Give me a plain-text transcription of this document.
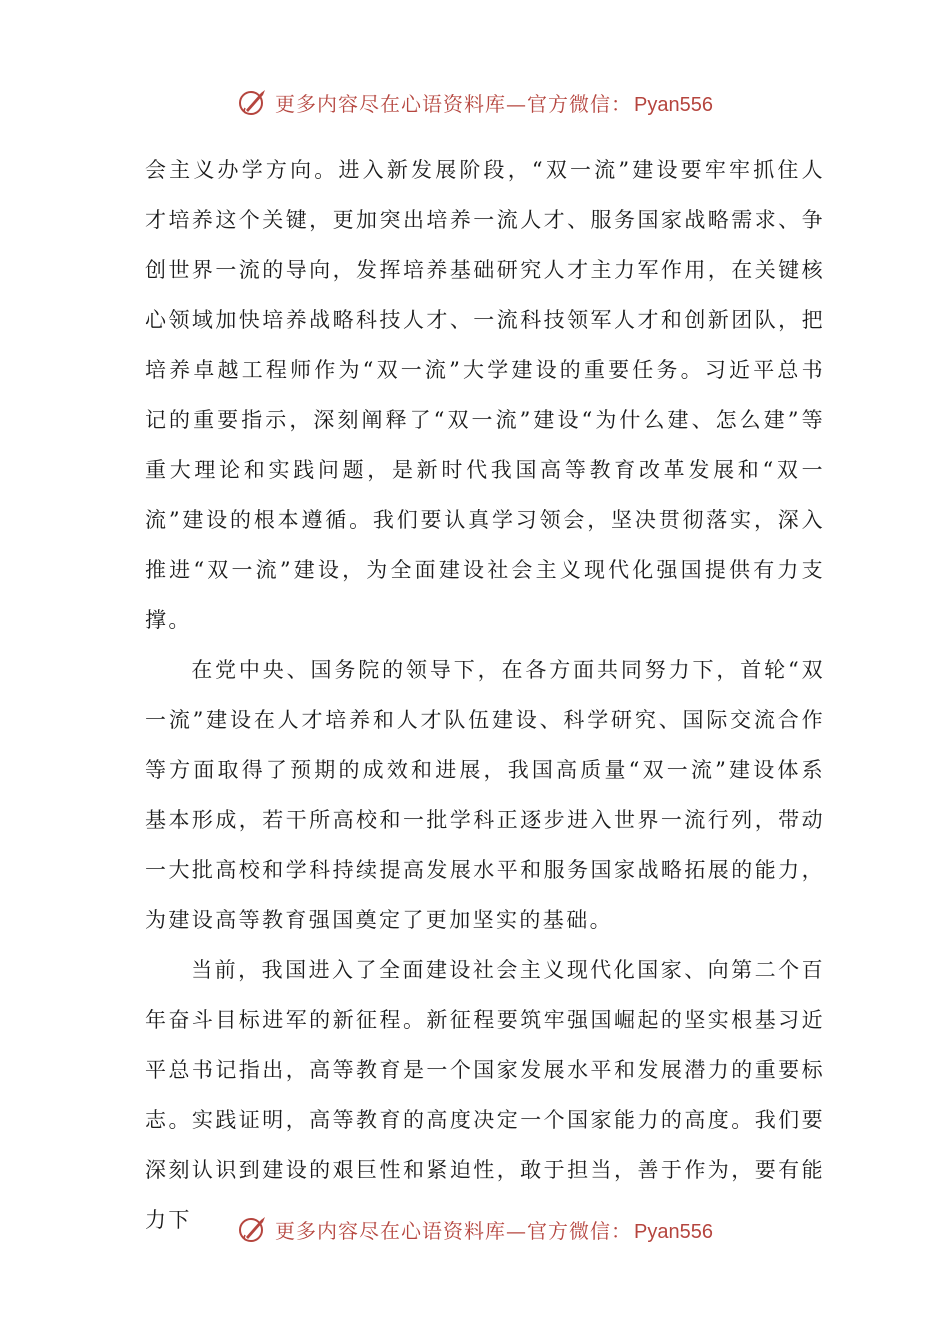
更多内容尽在心语资料库—官方微信： Pyan556

会主义办学方向。进入新发展阶段，“双一流”建设要牢牢抓住人才培养这个关键，更加突出培养一流人才、服务国家战略需求、争创世界一流的导向，发挥培养基础研究人才主力军作用，在关键核心领域加快培养战略科技人才、一流科技领军人才和创新团队，把培养卓越工程师作为“双一流”大学建设的重要任务。习近平总书记的重要指示，深刻阐释了“双一流”建设“为什么建、怎么建”等重大理论和实践问题，是新时代我国高等教育改革发展和“双一流”建设的根本遵循。我们要认真学习领会，坚决贯彻落实，深入推进“双一流”建设，为全面建设社会主义现代化强国提供有力支撑。

在党中央、国务院的领导下，在各方面共同努力下，首轮“双一流”建设在人才培养和人才队伍建设、科学研究、国际交流合作等方面取得了预期的成效和进展，我国高质量“双一流”建设体系基本形成，若干所高校和一批学科正逐步进入世界一流行列，带动一大批高校和学科持续提高发展水平和服务国家战略拓展的能力，为建设高等教育强国奠定了更加坚实的基础。

当前，我国进入了全面建设社会主义现代化国家、向第二个百年奋斗目标进军的新征程。新征程要筑牢强国崛起的坚实根基习近平总书记指出，高等教育是一个国家发展水平和发展潜力的重要标志。实践证明，高等教育的高度决定一个国家能力的高度。我们要深刻认识到建设的艰巨性和紧迫性，敢于担当，善于作为，要有能力下	更多内容尽在心语资料库—官方微信： Pyan556
